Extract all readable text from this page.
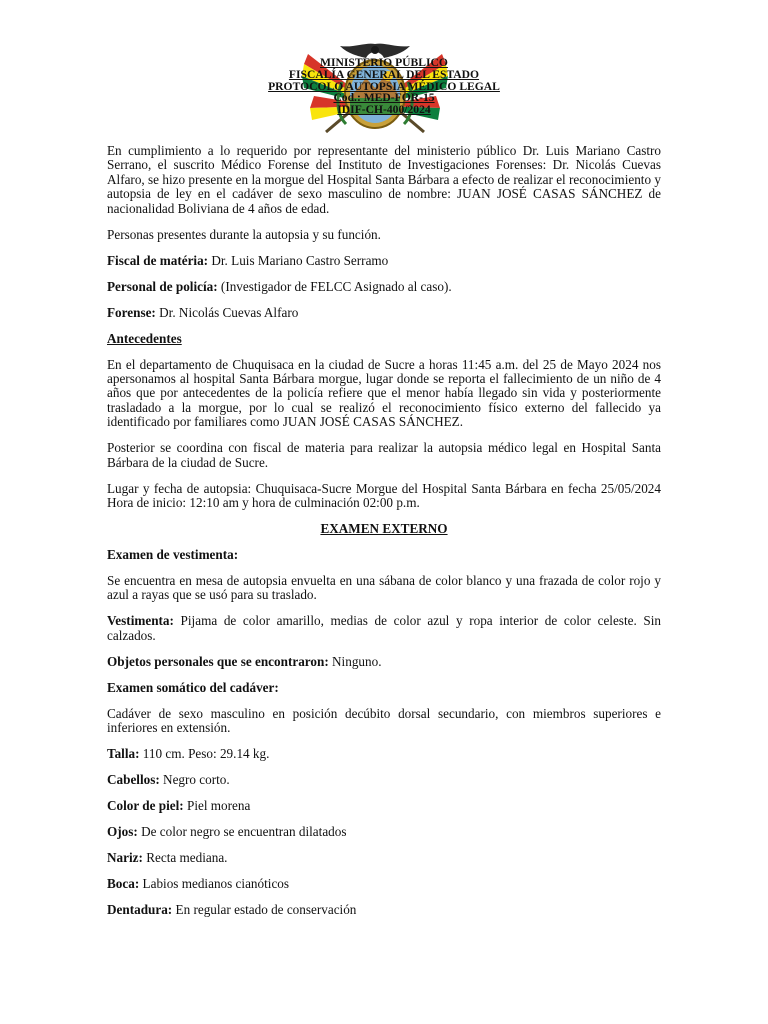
MINISTERIO PÚBLICO
FISCALÍA GENERAL DEL ESTADO
PROTOCOLO AUTOPSIA MÉDICO LEGAL
Cod.: MED-FOR-15
IDIF-CH-400/2024

En cumplimiento a lo requerido por representante del ministerio público Dr. Luis Mariano Castro Serrano, el suscrito Médico Forense del Instituto de Investigaciones Forenses: Dr. Nicolás Cuevas Alfaro, se hizo presente en la morgue del Hospital Santa Bárbara a efecto de realizar el reconocimiento y autopsia de ley en el cadáver de sexo masculino de nombre: JUAN JOSÉ CASAS SÁNCHEZ de nacionalidad Boliviana de 4 años de edad.

Personas presentes durante la autopsia y su función.

Fiscal de matéria: Dr. Luis Mariano Castro Serramo

Personal de policía: (Investigador de FELCC Asignado al caso).

Forense: Dr. Nicolás Cuevas Alfaro

Antecedentes

En el departamento de Chuquisaca en la ciudad de Sucre a horas 11:45 a.m. del 25 de Mayo 2024 nos apersonamos al hospital Santa Bárbara morgue, lugar donde se reporta el fallecimiento de un niño de 4 años que por antecedentes de la policía refiere que el menor había llegado sin vida y posteriormente trasladado a la morgue, por lo cual se realizó el reconocimiento físico externo del fallecido ya identificado por familiares como JUAN JOSÉ CASAS SÁNCHEZ.

Posterior se coordina con fiscal de materia para realizar la autopsia médico legal en Hospital Santa Bárbara de la ciudad de Sucre.

Lugar y fecha de autopsia: Chuquisaca-Sucre Morgue del Hospital Santa Bárbara en fecha 25/05/2024 Hora de inicio: 12:10 am y hora de culminación 02:00 p.m.

EXAMEN EXTERNO

Examen de vestimenta:

Se encuentra en mesa de autopsia envuelta en una sábana de color blanco y una frazada de color rojo y azul a rayas que se usó para su traslado.

Vestimenta: Pijama de color amarillo, medias de color azul y ropa interior de color celeste. Sin calzados.

Objetos personales que se encontraron: Ninguno.

Examen somático del cadáver:

Cadáver de sexo masculino en posición decúbito dorsal secundario, con miembros superiores e inferiores en extensión.

Talla: 110 cm. Peso: 29.14 kg.

Cabellos: Negro corto.

Color de piel: Piel morena

Ojos: De color negro se encuentran dilatados

Nariz: Recta mediana.

Boca: Labios medianos cianóticos

Dentadura: En regular estado de conservación
